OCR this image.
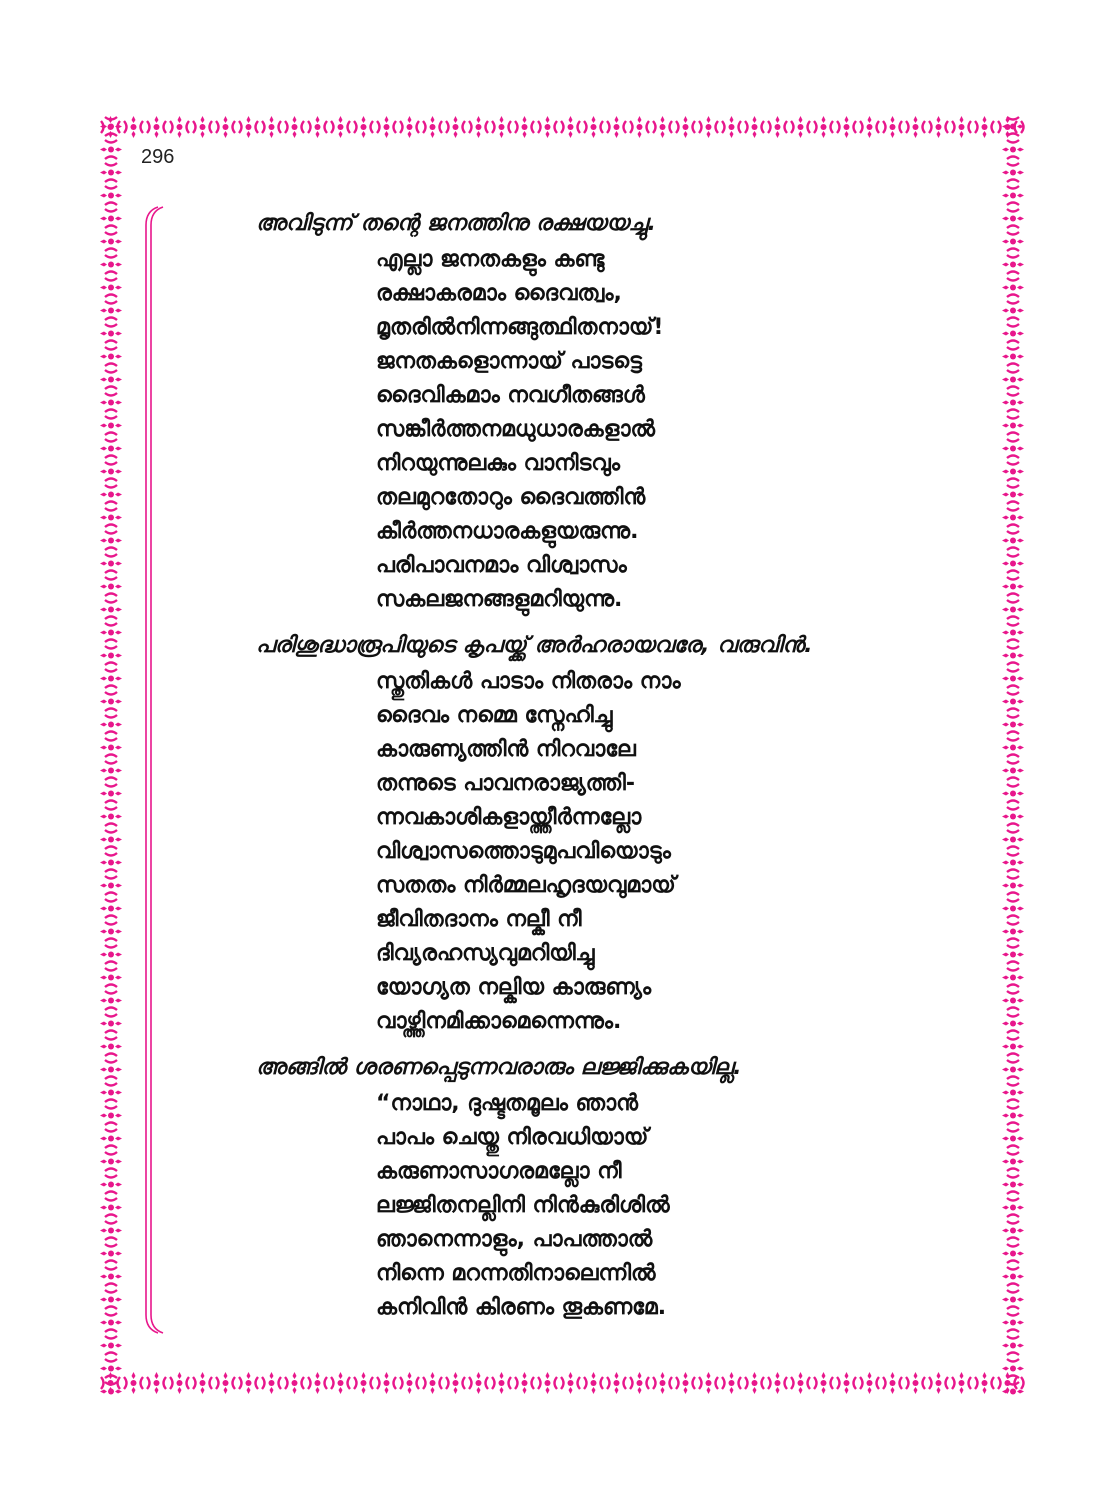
296
അവിടുന്ന് തന്റെ ജനത്തിനു രക്ഷയയച്ചു.
എല്ലാ ജനതകളും കണ്ടു
രക്ഷാകരമാം ദൈവത്വം,
മൃതരിൽനിന്നങ്ങുത്ഥിതനായ്!
ജനതകളൊന്നായ് പാടട്ടെ
ദൈവികമാം നവഗീതങ്ങൾ
സങ്കീർത്തനമധുധാരകളാൽ
നിറയുന്നുലകും വാനിടവും
തലമുറതോറും ദൈവത്തിൻ
കീർത്തനധാരകളുയരുന്നു.
പരിപാവനമാം വിശ്വാസം
സകലജനങ്ങളുമറിയുന്നു.
പരിശുദ്ധാരൂപിയുടെ കൃപയ്ക്ക് അർഹരായവരേ, വരുവിൻ.
സ്തുതികൾ പാടാം നിതരാം നാം
ദൈവം നമ്മെ സ്നേഹിച്ചു
കാരുണ്യത്തിൻ നിറവാലേ
തന്നുടെ പാവനരാജ്യത്തി-
ന്നവകാശികളായ്ത്തീർന്നല്ലോ
വിശ്വാസത്തൊടുമുപവിയൊടും
സതതം നിർമ്മലഹൃദയവുമായ്
ജീവിതദാനം നല്കീ നീ
ദിവ്യരഹസ്യവുമറിയിച്ചു
യോഗ്യത നല്കിയ കാരുണ്യം
വാഴ്ത്തിനമിക്കാമെന്നെന്നും.
അങ്ങിൽ ശരണപ്പെടുന്നവരാരും ലജ്ജിക്കുകയില്ല.
“നാഥാ, ദുഷ്ടതമൂലം ഞാൻ
പാപം ചെയ്തു നിരവധിയായ്
കരുണാസാഗരമല്ലോ നീ
ലജ്ജിതനല്ലിനി നിൻകുരിശിൽ
ഞാനെന്നാളും, പാപത്താൽ
നിന്നെ മറന്നതിനാലെന്നിൽ
കനിവിൻ കിരണം തൂകണമേ.
